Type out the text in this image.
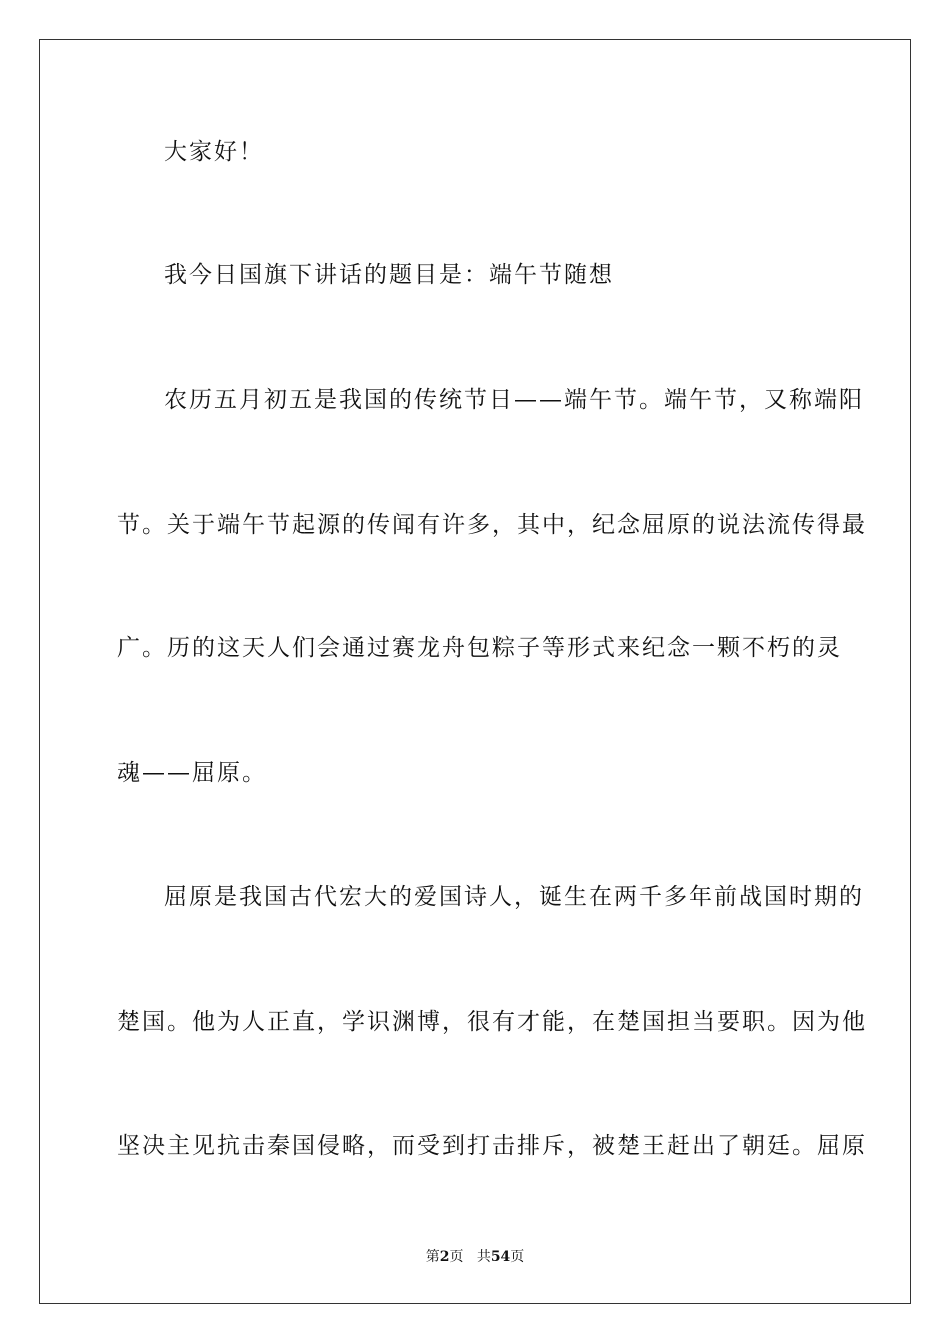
大家好！
我今日国旗下讲话的题目是：端午节随想
农历五月初五是我国的传统节日——端午节。端午节，又称端阳
节。关于端午节起源的传闻有许多，其中，纪念屈原的说法流传得最
广。历的这天人们会通过赛龙舟包粽子等形式来纪念一颗不朽的灵
魂——屈原。
屈原是我国古代宏大的爱国诗人，诞生在两千多年前战国时期的
楚国。他为人正直，学识渊博，很有才能，在楚国担当要职。因为他
坚决主见抗击秦国侵略，而受到打击排斥，被楚王赶出了朝廷。屈原
第2页 共54页
